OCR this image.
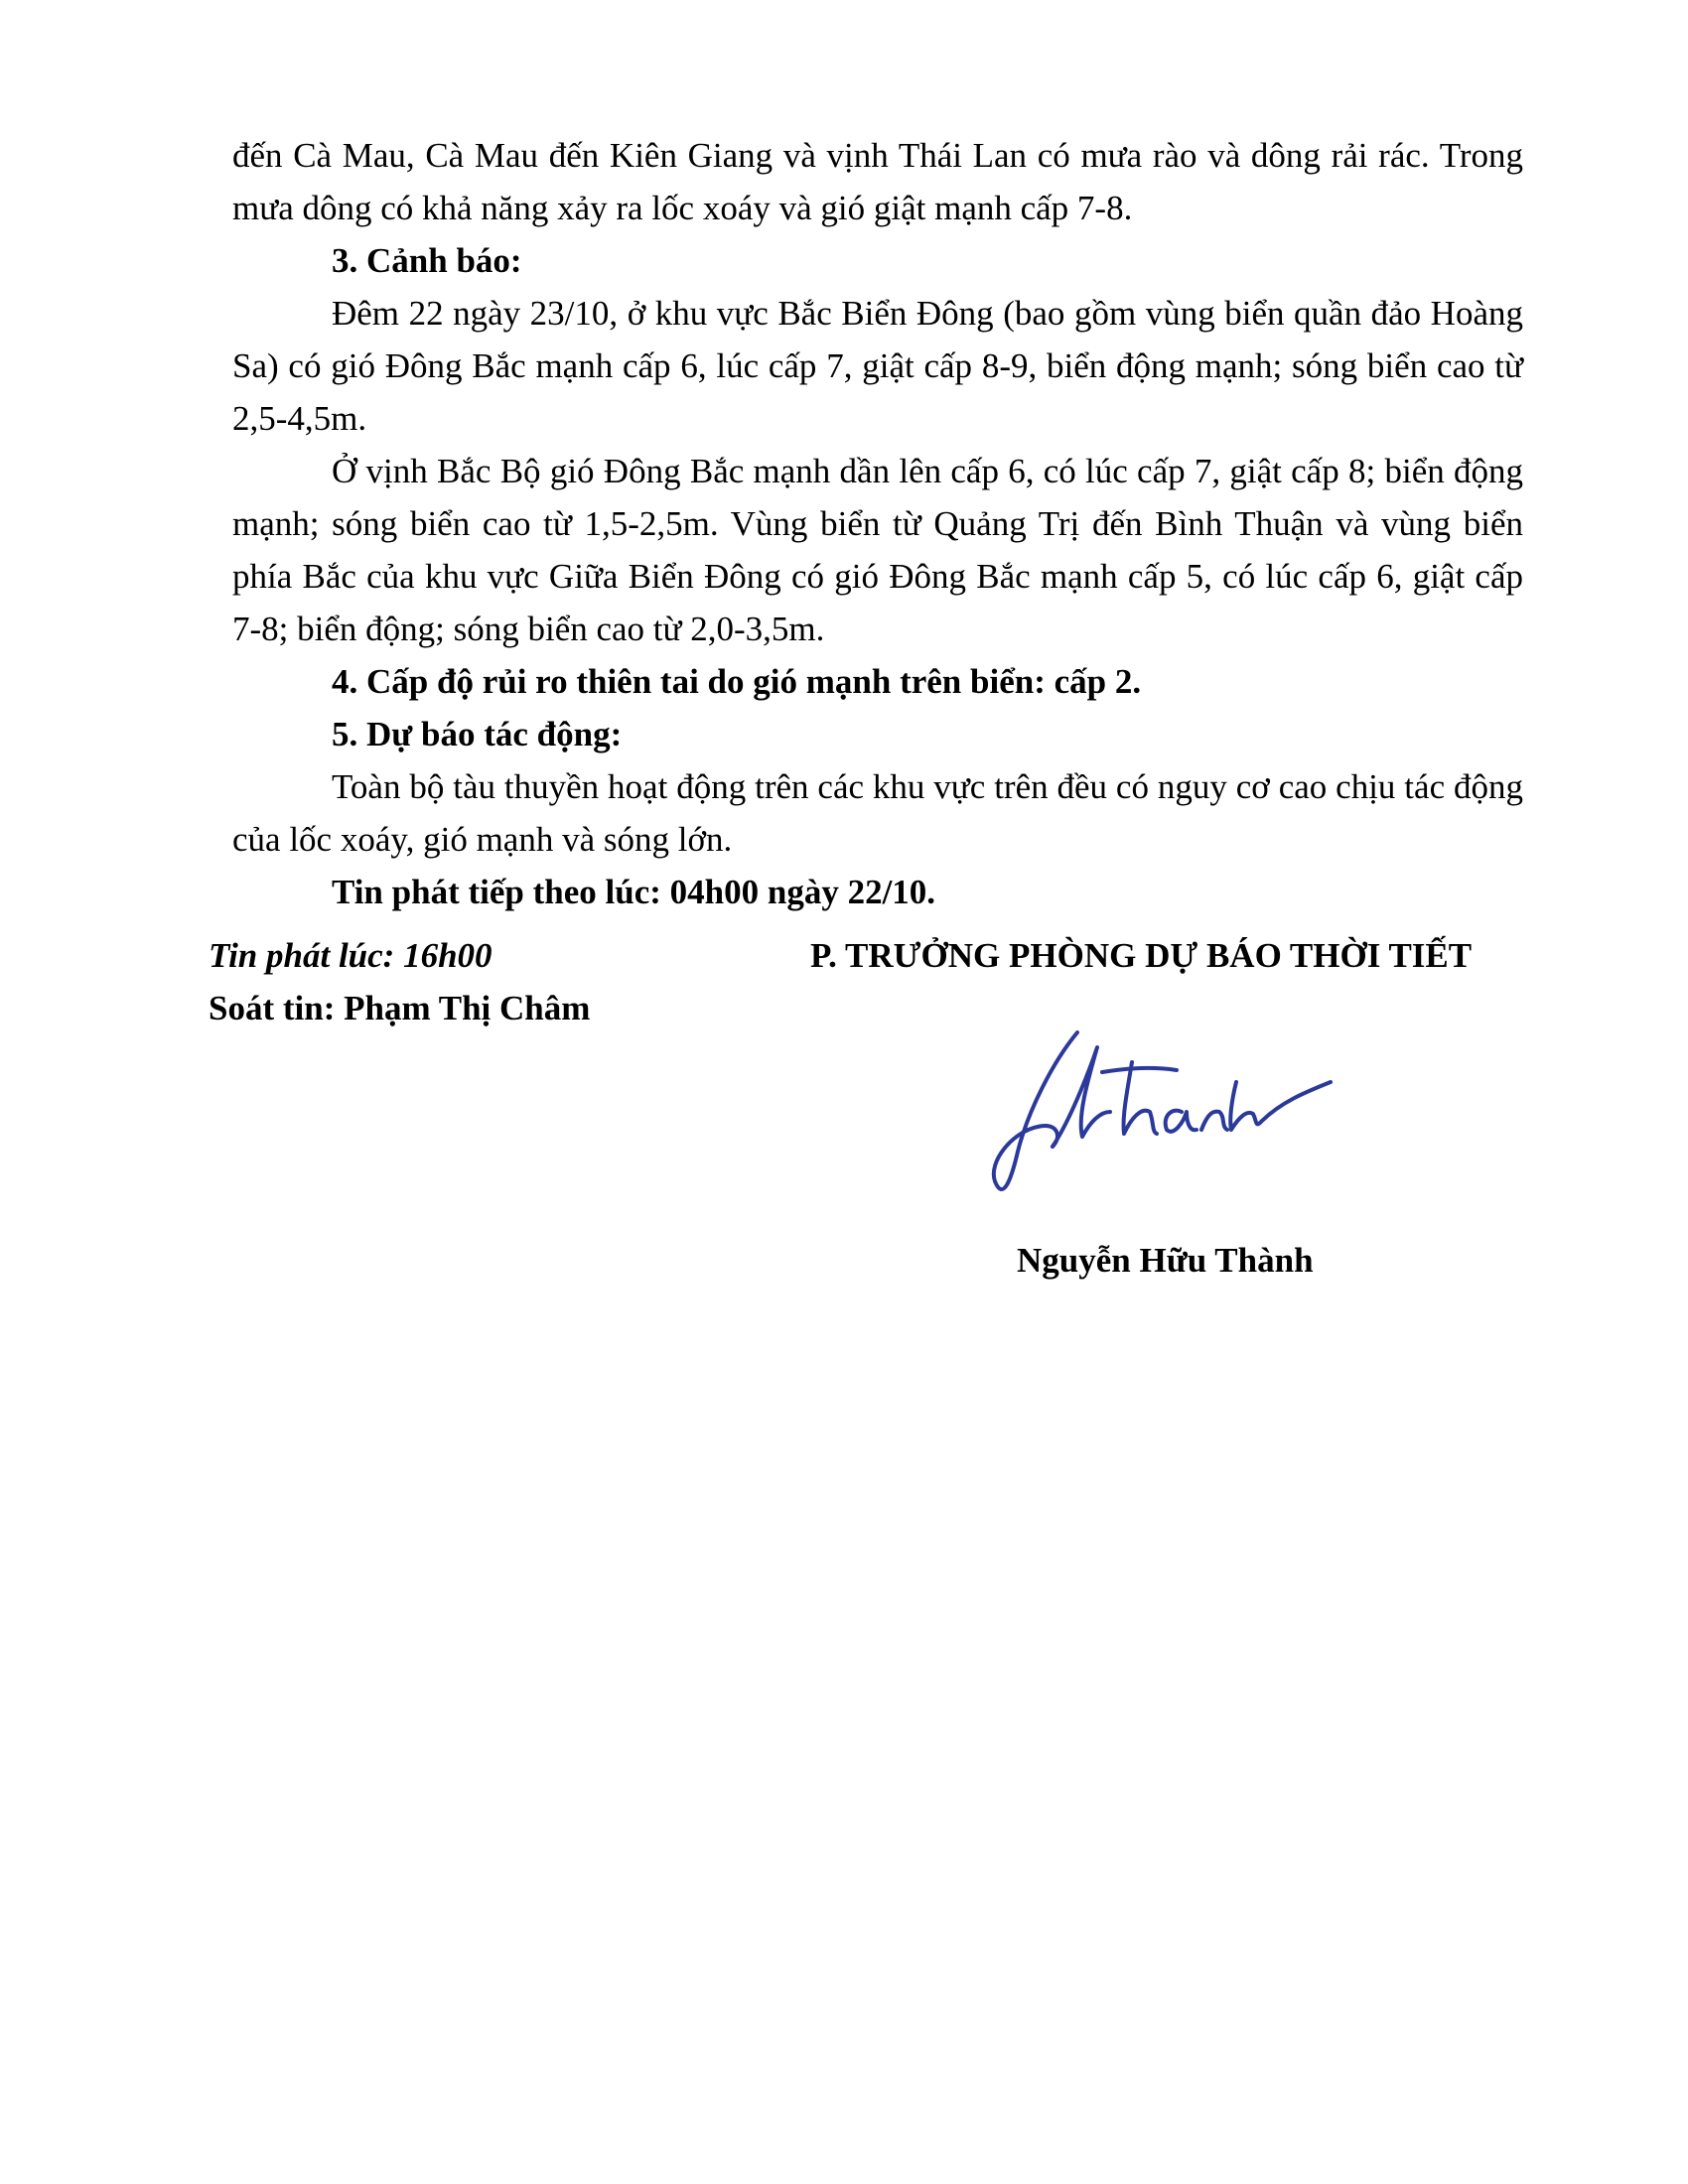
đến Cà Mau, Cà Mau đến Kiên Giang và vịnh Thái Lan có mưa rào và dông rải rác. Trong mưa dông có khả năng xảy ra lốc xoáy và gió giật mạnh cấp 7-8.

3. Cảnh báo:

Đêm 22 ngày 23/10, ở khu vực Bắc Biển Đông (bao gồm vùng biển quần đảo Hoàng Sa) có gió Đông Bắc mạnh cấp 6, lúc cấp 7, giật cấp 8-9, biển động mạnh; sóng biển cao từ 2,5-4,5m.

Ở vịnh Bắc Bộ gió Đông Bắc mạnh dần lên cấp 6, có lúc cấp 7, giật cấp 8; biển động mạnh; sóng biển cao từ 1,5-2,5m. Vùng biển từ Quảng Trị đến Bình Thuận và vùng biển phía Bắc của khu vực Giữa Biển Đông có gió Đông Bắc mạnh cấp 5, có lúc cấp 6, giật cấp 7-8; biển động; sóng biển cao từ 2,0-3,5m.

4. Cấp độ rủi ro thiên tai do gió mạnh trên biển: cấp 2.

5. Dự báo tác động:

Toàn bộ tàu thuyền hoạt động trên các khu vực trên đều có nguy cơ cao chịu tác động của lốc xoáy, gió mạnh và sóng lớn.

Tin phát tiếp theo lúc: 04h00 ngày 22/10.

Tin phát lúc: 16h00
Soát tin: Phạm Thị Châm
P. TRƯỞNG PHÒNG DỰ BÁO THỜI TIẾT
Nguyễn Hữu Thành
